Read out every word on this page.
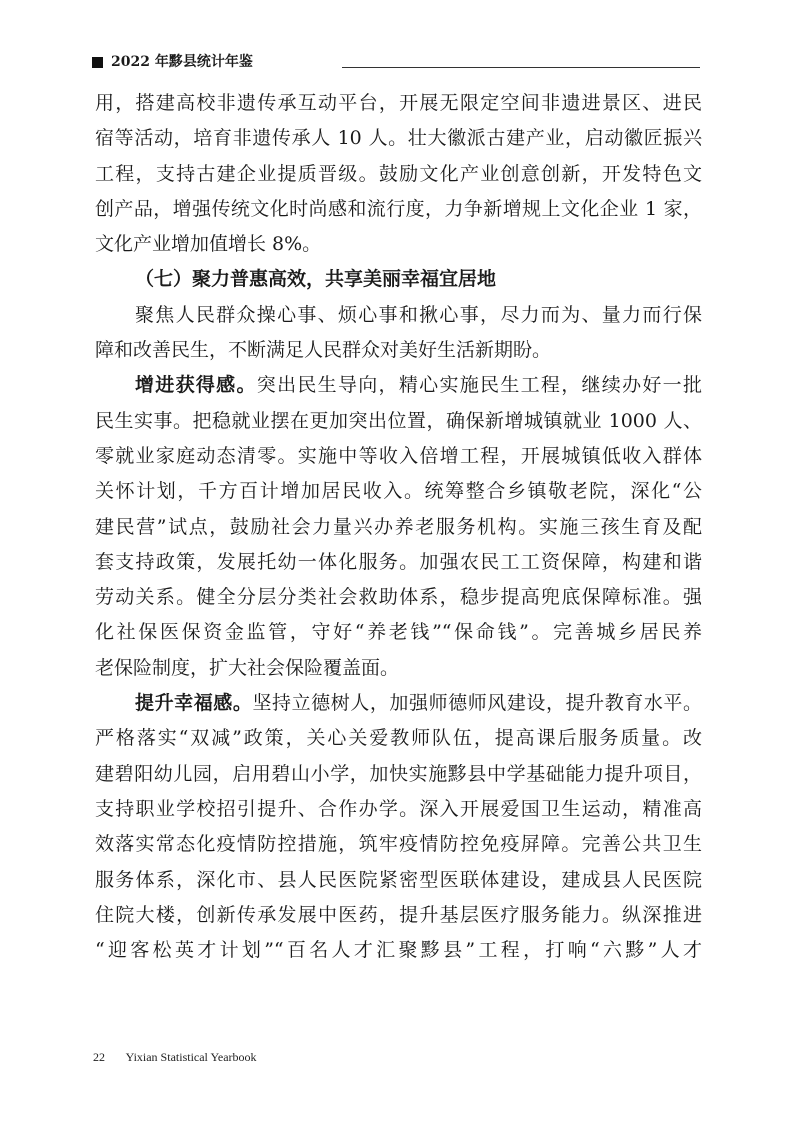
2022 年黟县统计年鉴
用，搭建高校非遗传承互动平台，开展无限定空间非遗进景区、进民
宿等活动，培育非遗传承人 10 人。壮大徽派古建产业，启动徽匠振兴
工程，支持古建企业提质晋级。鼓励文化产业创意创新，开发特色文
创产品，增强传统文化时尚感和流行度，力争新增规上文化企业 1 家，
文化产业增加值增长 8%。
（七）聚力普惠高效，共享美丽幸福宜居地
聚焦人民群众操心事、烦心事和揪心事，尽力而为、量力而行保
障和改善民生，不断满足人民群众对美好生活新期盼。
增进获得感。突出民生导向，精心实施民生工程，继续办好一批
民生实事。把稳就业摆在更加突出位置，确保新增城镇就业 1000 人、
零就业家庭动态清零。实施中等收入倍增工程，开展城镇低收入群体
关怀计划，千方百计增加居民收入。统筹整合乡镇敬老院，深化“公
建民营”试点，鼓励社会力量兴办养老服务机构。实施三孩生育及配
套支持政策，发展托幼一体化服务。加强农民工工资保障，构建和谐
劳动关系。健全分层分类社会救助体系，稳步提高兜底保障标准。强
化社保医保资金监管，守好“养老钱”“保命钱”。完善城乡居民养
老保险制度，扩大社会保险覆盖面。
提升幸福感。坚持立德树人，加强师德师风建设，提升教育水平。
严格落实“双减”政策，关心关爱教师队伍，提高课后服务质量。改
建碧阳幼儿园，启用碧山小学，加快实施黟县中学基础能力提升项目，
支持职业学校招引提升、合作办学。深入开展爱国卫生运动，精准高
效落实常态化疫情防控措施，筑牢疫情防控免疫屏障。完善公共卫生
服务体系，深化市、县人民医院紧密型医联体建设，建成县人民医院
住院大楼，创新传承发展中医药，提升基层医疗服务能力。纵深推进
“迎客松英才计划”“百名人才汇聚黟县”工程，打响“六黟”人才
22 Yixian Statistical Yearbook
